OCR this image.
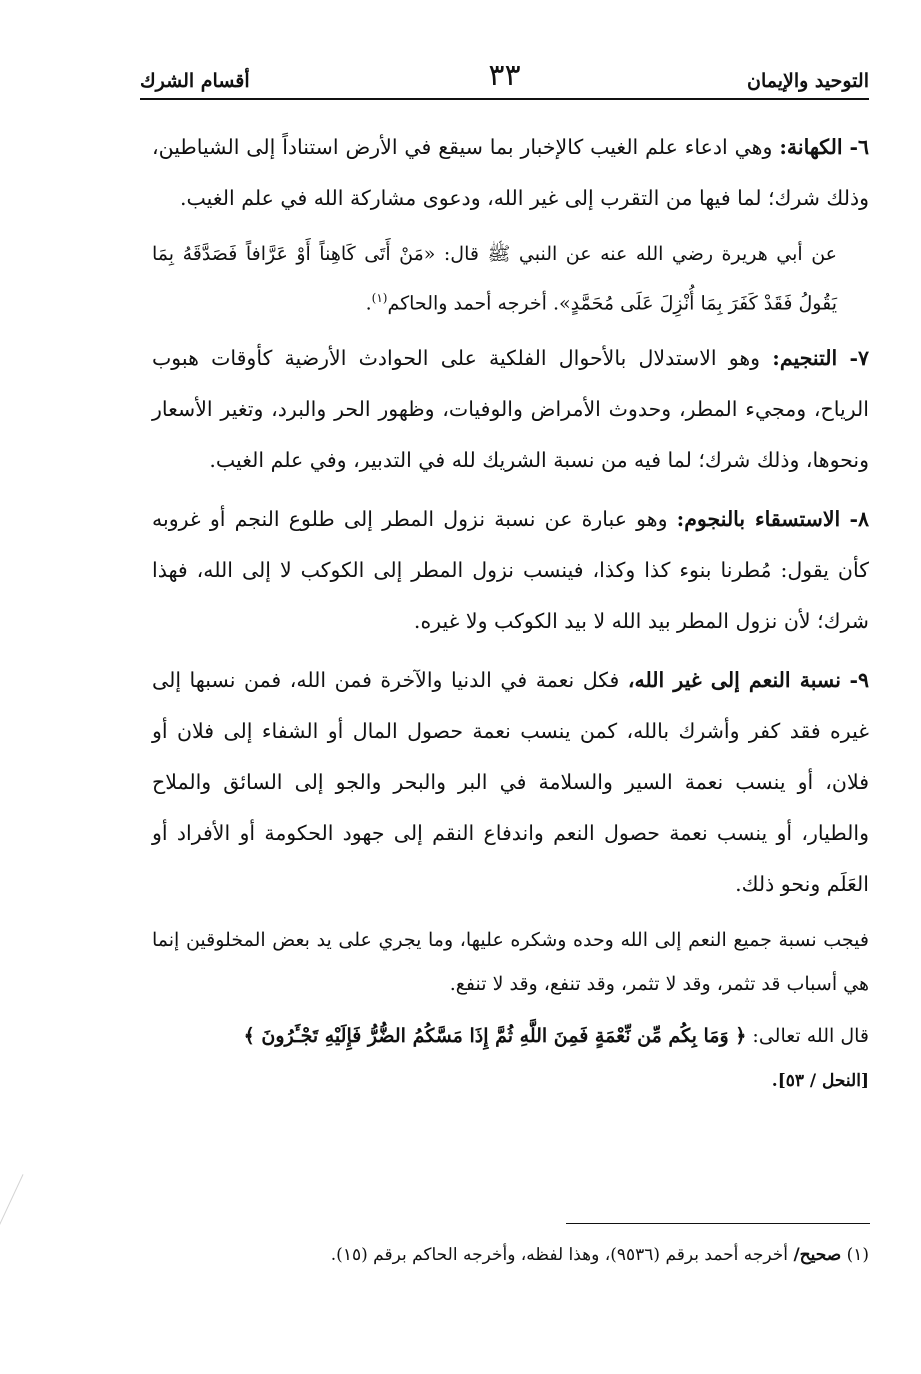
التوحيد والإيمان
٣٣
أقسام الشرك

٦- الكهانة: وهي ادعاء علم الغيب كالإخبار بما سيقع في الأرض استناداً إلى الشياطين، وذلك شرك؛ لما فيها من التقرب إلى غير الله، ودعوى مشاركة الله في علم الغيب.

عن أبي هريرة رضي الله عنه عن النبي ﷺ قال: «مَنْ أَتَى كَاهِناً أَوْ عَرَّافاً فَصَدَّقَهُ بِمَا يَقُولُ فَقَدْ كَفَرَ بِمَا أُنْزِلَ عَلَى مُحَمَّدٍ». أخرجه أحمد والحاكم$^{(١)}$.

٧- التنجيم: وهو الاستدلال بالأحوال الفلكية على الحوادث الأرضية كأوقات هبوب الرياح، ومجيء المطر، وحدوث الأمراض والوفيات، وظهور الحر والبرد، وتغير الأسعار ونحوها، وذلك شرك؛ لما فيه من نسبة الشريك لله في التدبير، وفي علم الغيب.

٨- الاستسقاء بالنجوم: وهو عبارة عن نسبة نزول المطر إلى طلوع النجم أو غروبه كأن يقول: مُطرنا بنوء كذا وكذا، فينسب نزول المطر إلى الكوكب لا إلى الله، فهذا شرك؛ لأن نزول المطر بيد الله لا بيد الكوكب ولا غيره.

٩- نسبة النعم إلى غير الله، فكل نعمة في الدنيا والآخرة فمن الله، فمن نسبها إلى غيره فقد كفر وأشرك بالله، كمن ينسب نعمة حصول المال أو الشفاء إلى فلان أو فلان، أو ينسب نعمة السير والسلامة في البر والبحر والجو إلى السائق والملاح والطيار، أو ينسب نعمة حصول النعم واندفاع النقم إلى جهود الحكومة أو الأفراد أو العَلَم ونحو ذلك.

فيجب نسبة جميع النعم إلى الله وحده وشكره عليها، وما يجري على يد بعض المخلوقين إنما هي أسباب قد تثمر، وقد لا تثمر، وقد تنفع، وقد لا تنفع.

قال الله تعالى: ﴿ وَمَا بِكُم مِّن نِّعْمَةٍ فَمِنَ اللَّهِ ثُمَّ إِذَا مَسَّكُمُ الضُّرُّ فَإِلَيْهِ تَجْـَٔرُونَ ﴾

[النحل / ٥٣].

(١) صحيح/ أخرجه أحمد برقم (٩٥٣٦)، وهذا لفظه، وأخرجه الحاكم برقم (١٥).
